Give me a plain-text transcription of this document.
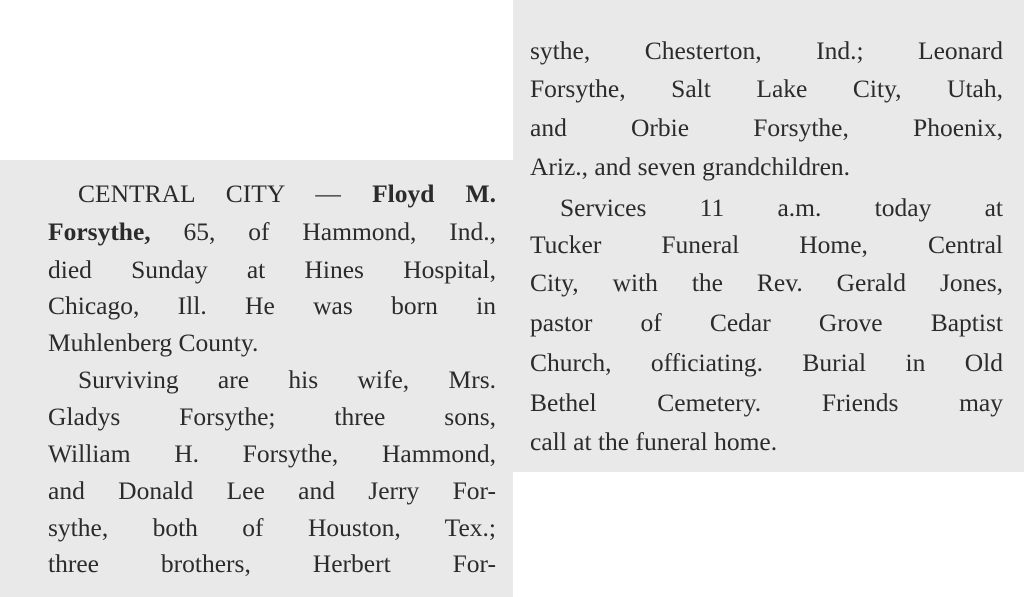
CENTRAL CITY — Floyd M.
Forsythe, 65, of Hammond, Ind.,
died Sunday at Hines Hospital,
Chicago, Ill. He was born in
Muhlenberg County.
Surviving are his wife, Mrs.
Gladys Forsythe; three sons,
William H. Forsythe, Hammond,
and Donald Lee and Jerry For-
sythe, both of Houston, Tex.;
three brothers, Herbert For-
sythe, Chesterton, Ind.; Leonard
Forsythe, Salt Lake City, Utah,
and Orbie Forsythe, Phoenix,
Ariz., and seven grandchildren.
Services 11 a.m. today at
Tucker Funeral Home, Central
City, with the Rev. Gerald Jones,
pastor of Cedar Grove Baptist
Church, officiating. Burial in Old
Bethel Cemetery. Friends may
call at the funeral home.
